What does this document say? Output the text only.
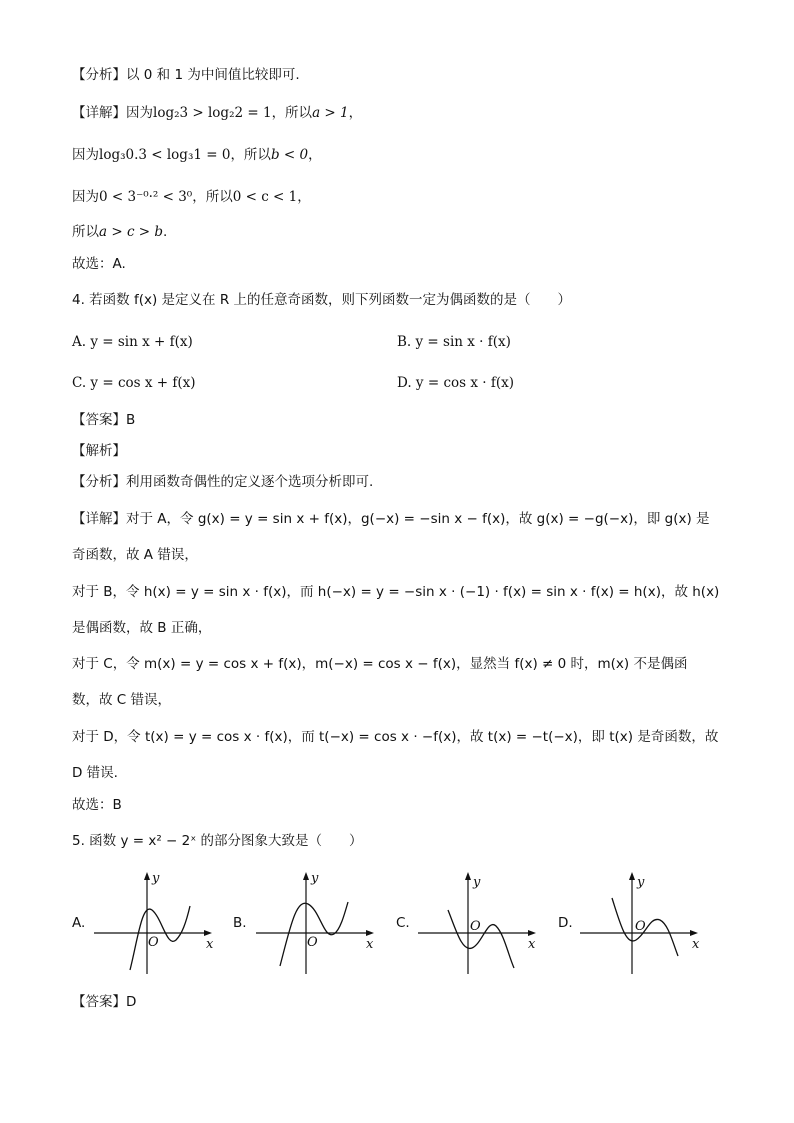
【分析】以 0 和 1 为中间值比较即可.
【详解】因为log₂3 > log₂2 = 1，所以a > 1，
因为log₃0.3 < log₃1 = 0，所以b < 0，
因为0 < 3⁻⁰·² < 3⁰，所以0 < c < 1，
所以a > c > b.
故选：A.
4. 若函数 f(x) 是定义在 R 上的任意奇函数，则下列函数一定为偶函数的是（　　）
A. y = sin x + f(x)	B. y = sin x · f(x)
C. y = cos x + f(x)	D. y = cos x · f(x)
【答案】B
【解析】
【分析】利用函数奇偶性的定义逐个选项分析即可.
【详解】对于 A，令 g(x) = y = sin x + f(x)，g(−x) = −sin x − f(x)，故 g(x) = −g(−x)，即 g(x) 是
奇函数，故 A 错误，
对于 B，令 h(x) = y = sin x · f(x)，而 h(−x) = y = −sin x · (−1) · f(x) = sin x · f(x) = h(x)，故 h(x)
是偶函数，故 B 正确，
对于 C，令 m(x) = y = cos x + f(x)，m(−x) = cos x − f(x)，显然当 f(x) ≠ 0 时，m(x) 不是偶函
数，故 C 错误，
对于 D，令 t(x) = y = cos x · f(x)，而 t(−x) = cos x · −f(x)，故 t(x) = −t(−x)，即 t(x) 是奇函数，故
D 错误.
故选：B
5. 函数 y = x² − 2ˣ 的部分图象大致是（　　）
A.
y
O	x
B.
y
O	x
C.
y
O
x
D.
y
O
x
【答案】D
